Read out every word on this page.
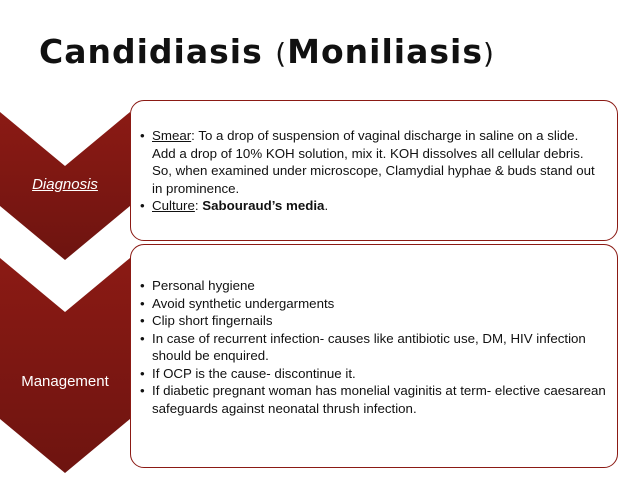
Candidiasis (Moniliasis)
• Smear: To a drop of suspension of vaginal discharge in saline on a slide. Add a drop of 10% KOH solution, mix it. KOH dissolves all cellular debris. So, when examined under microscope, Clamydial hyphae & buds stand out in prominence.
• Culture: Sabouraud’s media.
Diagnosis
• Personal hygiene
• Avoid synthetic undergarments
• Clip short fingernails
• In case of recurrent infection- causes like antibiotic use, DM, HIV infection should be enquired.
• If OCP is the cause- discontinue it.
• If diabetic pregnant woman has monelial vaginitis at term- elective caesarean safeguards against neonatal thrush infection.
Management
